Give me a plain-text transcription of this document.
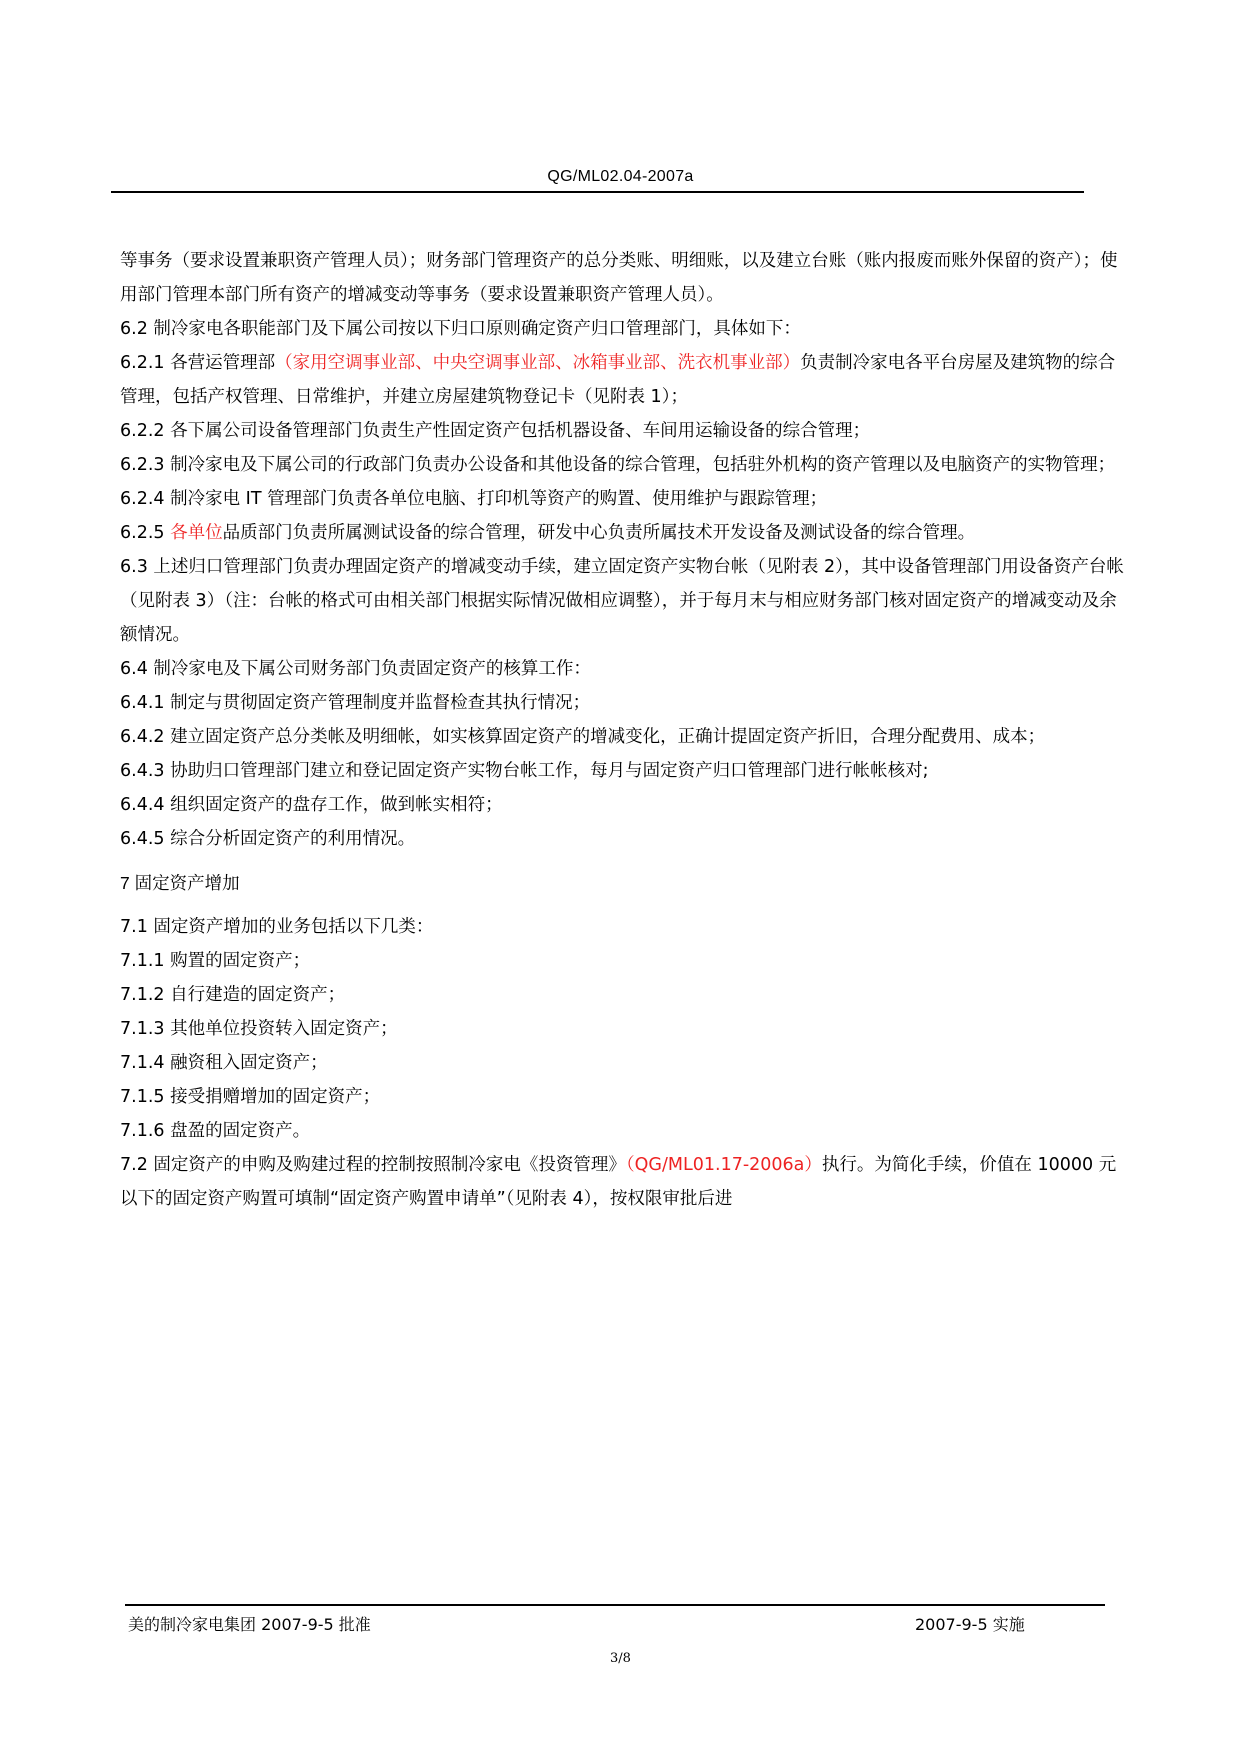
QG/ML02.04-2007a

等事务（要求设置兼职资产管理人员）；财务部门管理资产的总分类账、明细账，以及建立台账（账内报废而账外保留的资产）；使用部门管理本部门所有资产的增减变动等事务（要求设置兼职资产管理人员）。

6.2 制冷家电各职能部门及下属公司按以下归口原则确定资产归口管理部门，具体如下：

6.2.1 各营运管理部（家用空调事业部、中央空调事业部、冰箱事业部、洗衣机事业部）负责制冷家电各平台房屋及建筑物的综合管理，包括产权管理、日常维护，并建立房屋建筑物登记卡（见附表 1）；

6.2.2 各下属公司设备管理部门负责生产性固定资产包括机器设备、车间用运输设备的综合管理；

6.2.3 制冷家电及下属公司的行政部门负责办公设备和其他设备的综合管理，包括驻外机构的资产管理以及电脑资产的实物管理；

6.2.4 制冷家电 IT 管理部门负责各单位电脑、打印机等资产的购置、使用维护与跟踪管理；

6.2.5 各单位品质部门负责所属测试设备的综合管理，研发中心负责所属技术开发设备及测试设备的综合管理。

6.3 上述归口管理部门负责办理固定资产的增减变动手续，建立固定资产实物台帐（见附表 2），其中设备管理部门用设备资产台帐（见附表 3）（注：台帐的格式可由相关部门根据实际情况做相应调整），并于每月末与相应财务部门核对固定资产的增减变动及余额情况。

6.4 制冷家电及下属公司财务部门负责固定资产的核算工作：

6.4.1 制定与贯彻固定资产管理制度并监督检查其执行情况；

6.4.2 建立固定资产总分类帐及明细帐，如实核算固定资产的增减变化，正确计提固定资产折旧，合理分配费用、成本；

6.4.3 协助归口管理部门建立和登记固定资产实物台帐工作，每月与固定资产归口管理部门进行帐帐核对;

6.4.4 组织固定资产的盘存工作，做到帐实相符；

6.4.5 综合分析固定资产的利用情况。

7 固定资产增加

7.1 固定资产增加的业务包括以下几类：

7.1.1 购置的固定资产；

7.1.2 自行建造的固定资产；

7.1.3 其他单位投资转入固定资产；

7.1.4 融资租入固定资产；

7.1.5 接受捐赠增加的固定资产；

7.1.6 盘盈的固定资产。

7.2 固定资产的申购及购建过程的控制按照制冷家电《投资管理》（QG/ML01.17-2006a）执行。为简化手续，价值在 10000 元以下的固定资产购置可填制“固定资产购置申请单”（见附表 4），按权限审批后进

美的制冷家电集团 2007-9-5 批准	2007-9-5 实施
3/8
